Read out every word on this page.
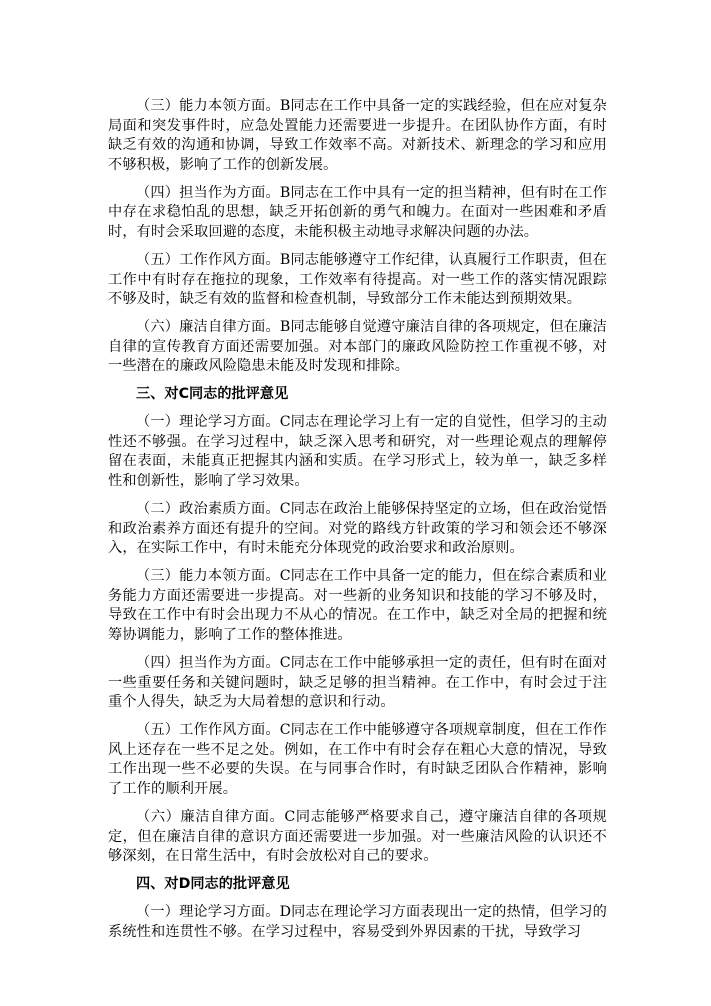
（三）能力本领方面。B同志在工作中具备一定的实践经验，但在应对复杂局面和突发事件时，应急处置能力还需要进一步提升。在团队协作方面，有时缺乏有效的沟通和协调，导致工作效率不高。对新技术、新理念的学习和应用不够积极，影响了工作的创新发展。

（四）担当作为方面。B同志在工作中具有一定的担当精神，但有时在工作中存在求稳怕乱的思想，缺乏开拓创新的勇气和魄力。在面对一些困难和矛盾时，有时会采取回避的态度，未能积极主动地寻求解决问题的办法。

（五）工作作风方面。B同志能够遵守工作纪律，认真履行工作职责，但在工作中有时存在拖拉的现象，工作效率有待提高。对一些工作的落实情况跟踪不够及时，缺乏有效的监督和检查机制，导致部分工作未能达到预期效果。

（六）廉洁自律方面。B同志能够自觉遵守廉洁自律的各项规定，但在廉洁自律的宣传教育方面还需要加强。对本部门的廉政风险防控工作重视不够，对一些潜在的廉政风险隐患未能及时发现和排除。

三、对C同志的批评意见

（一）理论学习方面。C同志在理论学习上有一定的自觉性，但学习的主动性还不够强。在学习过程中，缺乏深入思考和研究，对一些理论观点的理解停留在表面，未能真正把握其内涵和实质。在学习形式上，较为单一，缺乏多样性和创新性，影响了学习效果。

（二）政治素质方面。C同志在政治上能够保持坚定的立场，但在政治觉悟和政治素养方面还有提升的空间。对党的路线方针政策的学习和领会还不够深入，在实际工作中，有时未能充分体现党的政治要求和政治原则。

（三）能力本领方面。C同志在工作中具备一定的能力，但在综合素质和业务能力方面还需要进一步提高。对一些新的业务知识和技能的学习不够及时，导致在工作中有时会出现力不从心的情况。在工作中，缺乏对全局的把握和统筹协调能力，影响了工作的整体推进。

（四）担当作为方面。C同志在工作中能够承担一定的责任，但有时在面对一些重要任务和关键问题时，缺乏足够的担当精神。在工作中，有时会过于注重个人得失，缺乏为大局着想的意识和行动。

（五）工作作风方面。C同志在工作中能够遵守各项规章制度，但在工作作风上还存在一些不足之处。例如，在工作中有时会存在粗心大意的情况，导致工作出现一些不必要的失误。在与同事合作时，有时缺乏团队合作精神，影响了工作的顺利开展。

（六）廉洁自律方面。C同志能够严格要求自己，遵守廉洁自律的各项规定，但在廉洁自律的意识方面还需要进一步加强。对一些廉洁风险的认识还不够深刻，在日常生活中，有时会放松对自己的要求。

四、对D同志的批评意见

（一）理论学习方面。D同志在理论学习方面表现出一定的热情，但学习的系统性和连贯性不够。在学习过程中，容易受到外界因素的干扰，导致学习
